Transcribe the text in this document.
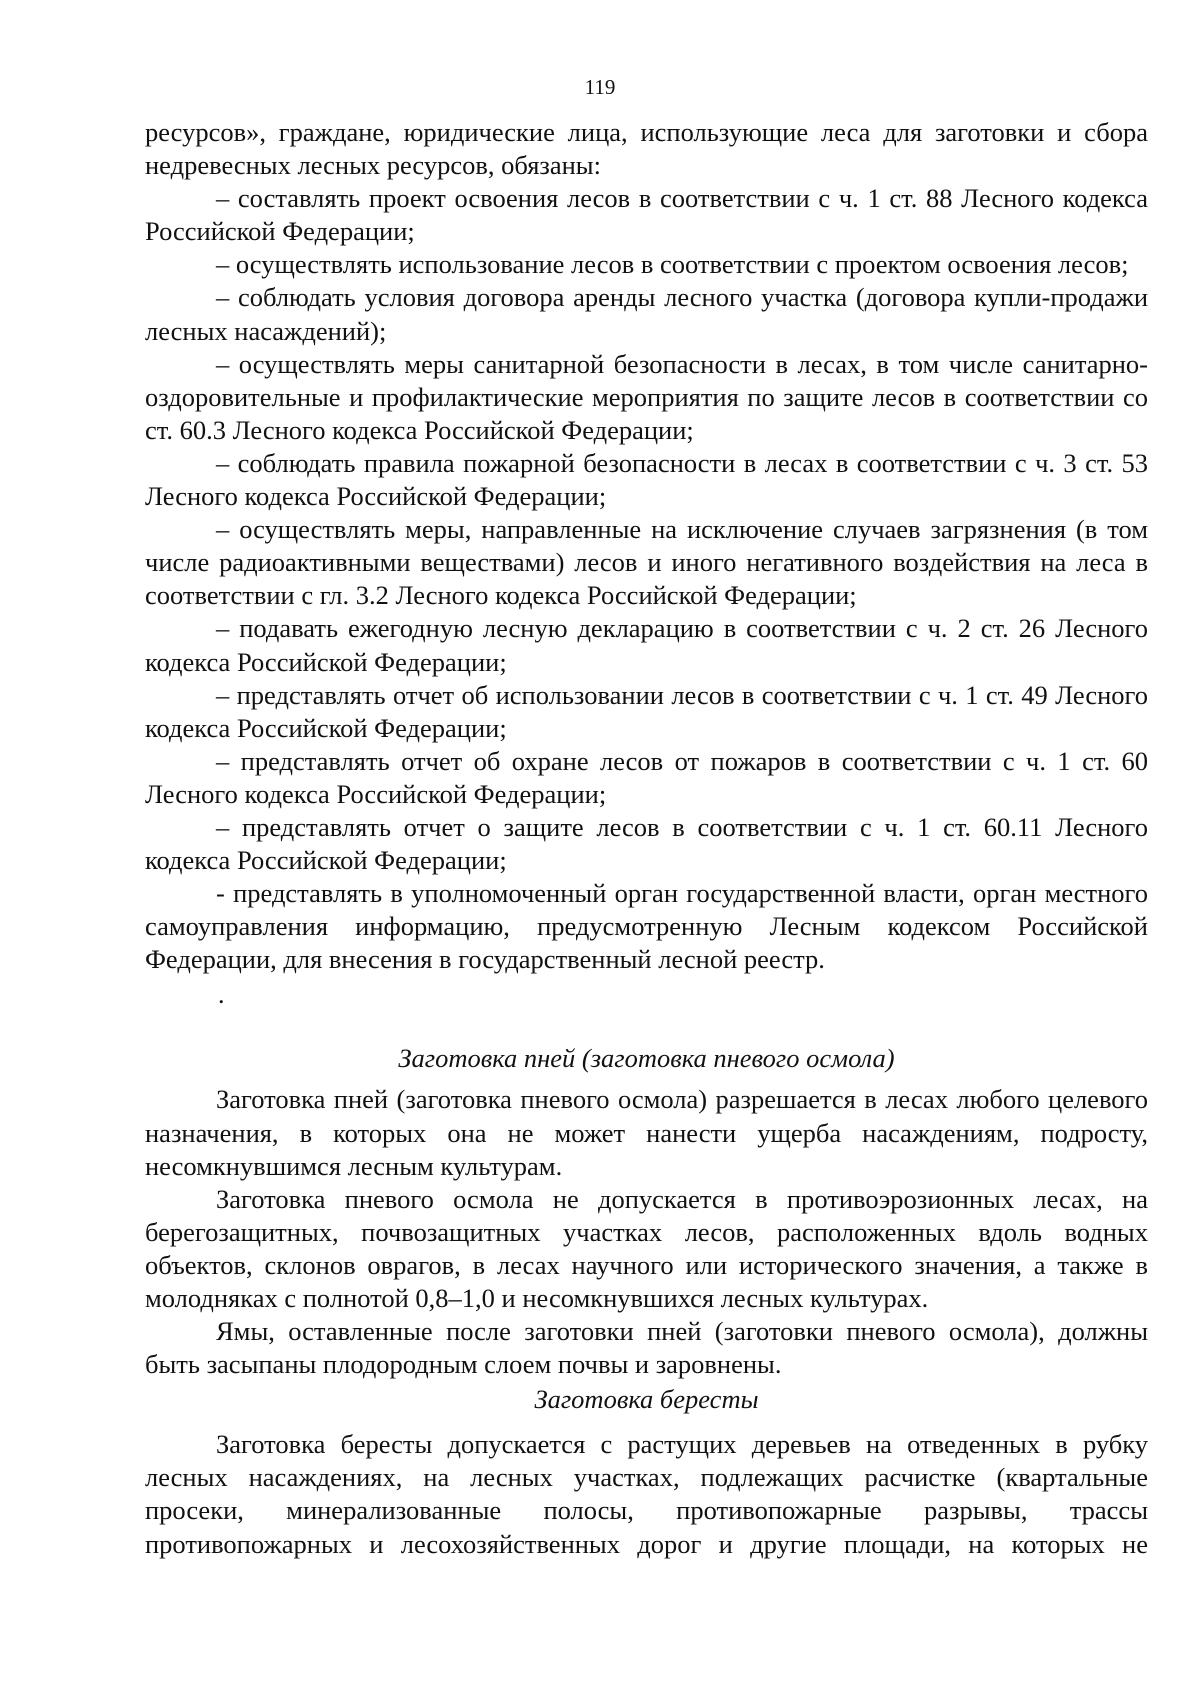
119

ресурсов», граждане, юридические лица, использующие леса для заготовки и сбора недревесных лесных ресурсов, обязаны:

– составлять проект освоения лесов в соответствии с ч. 1 ст. 88 Лесного кодекса Российской Федерации;

– осуществлять использование лесов в соответствии с проектом освоения лесов;

– соблюдать условия договора аренды лесного участка (договора купли-продажи лесных насаждений);

– осуществлять меры санитарной безопасности в лесах, в том числе санитарно-оздоровительные и профилактические мероприятия по защите лесов в соответствии со ст. 60.3 Лесного кодекса Российской Федерации;

– соблюдать правила пожарной безопасности в лесах в соответствии с ч. 3 ст. 53 Лесного кодекса Российской Федерации;

– осуществлять меры, направленные на исключение случаев загрязнения (в том числе радиоактивными веществами) лесов и иного негативного воздействия на леса в соответствии с гл. 3.2 Лесного кодекса Российской Федерации;

– подавать ежегодную лесную декларацию в соответствии с ч. 2 ст. 26 Лесного кодекса Российской Федерации;

– представлять отчет об использовании лесов в соответствии с ч. 1 ст. 49 Лесного кодекса Российской Федерации;

– представлять отчет об охране лесов от пожаров в соответствии с ч. 1 ст. 60 Лесного кодекса Российской Федерации;

– представлять отчет о защите лесов в соответствии с ч. 1 ст. 60.11 Лесного кодекса Российской Федерации;

- представлять в уполномоченный орган государственной власти, орган местного самоуправления информацию, предусмотренную Лесным кодексом Российской Федерации, для внесения в государственный лесной реестр.

.
Заготовка пней (заготовка пневого осмола)

Заготовка пней (заготовка пневого осмола) разрешается в лесах любого целевого назначения, в которых она не может нанести ущерба насаждениям, подросту, несомкнувшимся лесным культурам.

Заготовка пневого осмола не допускается в противоэрозионных лесах, на берегозащитных, почвозащитных участках лесов, расположенных вдоль водных объектов, склонов оврагов, в лесах научного или исторического значения, а также в молодняках с полнотой 0,8–1,0 и несомкнувшихся лесных культурах.

Ямы, оставленные после заготовки пней (заготовки пневого осмола), должны быть засыпаны плодородным слоем почвы и заровнены.

Заготовка бересты

Заготовка бересты допускается с растущих деревьев на отведенных в рубку лесных насаждениях, на лесных участках, подлежащих расчистке (квартальные просеки, минерализованные полосы, противопожарные разрывы, трассы противопожарных и лесохозяйственных дорог и другие площади, на которых не
